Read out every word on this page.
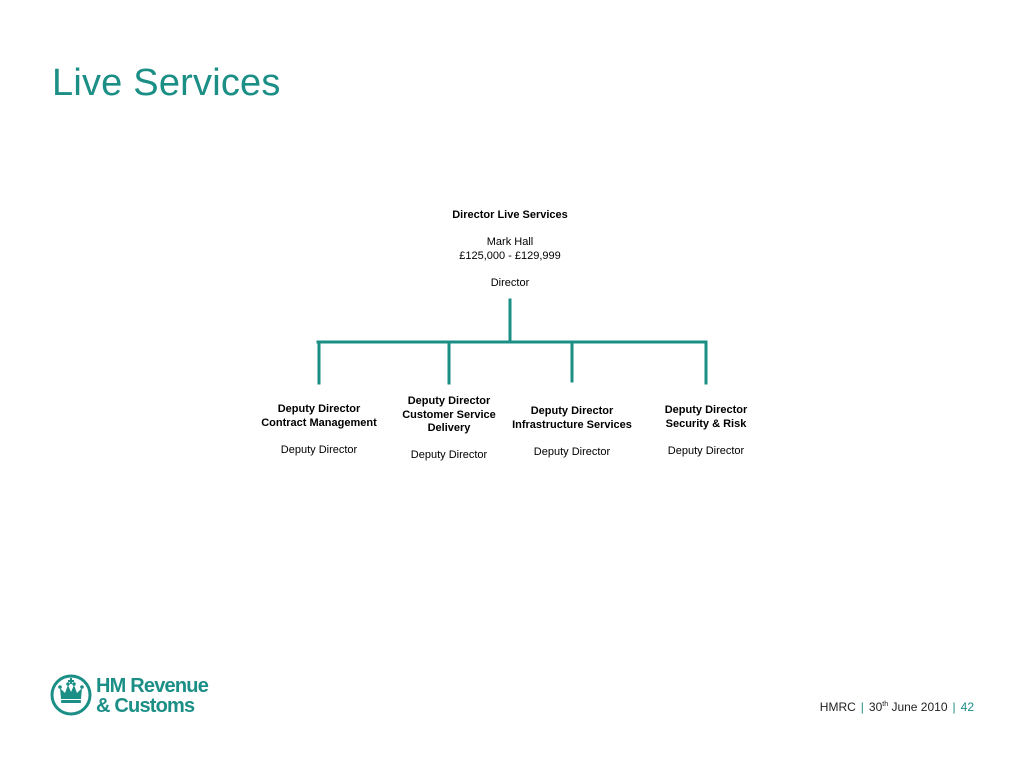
Live Services
Director Live Services
Mark Hall
£125,000 - £129,999
Director
Deputy Director
Contract Management
Deputy Director
Deputy Director
Customer Service
Delivery
Deputy Director
Deputy Director
Infrastructure Services
Deputy Director
Deputy Director
Security & Risk
Deputy Director
HM Revenue
& Customs	HMRC | 30th June 2010 | 42
